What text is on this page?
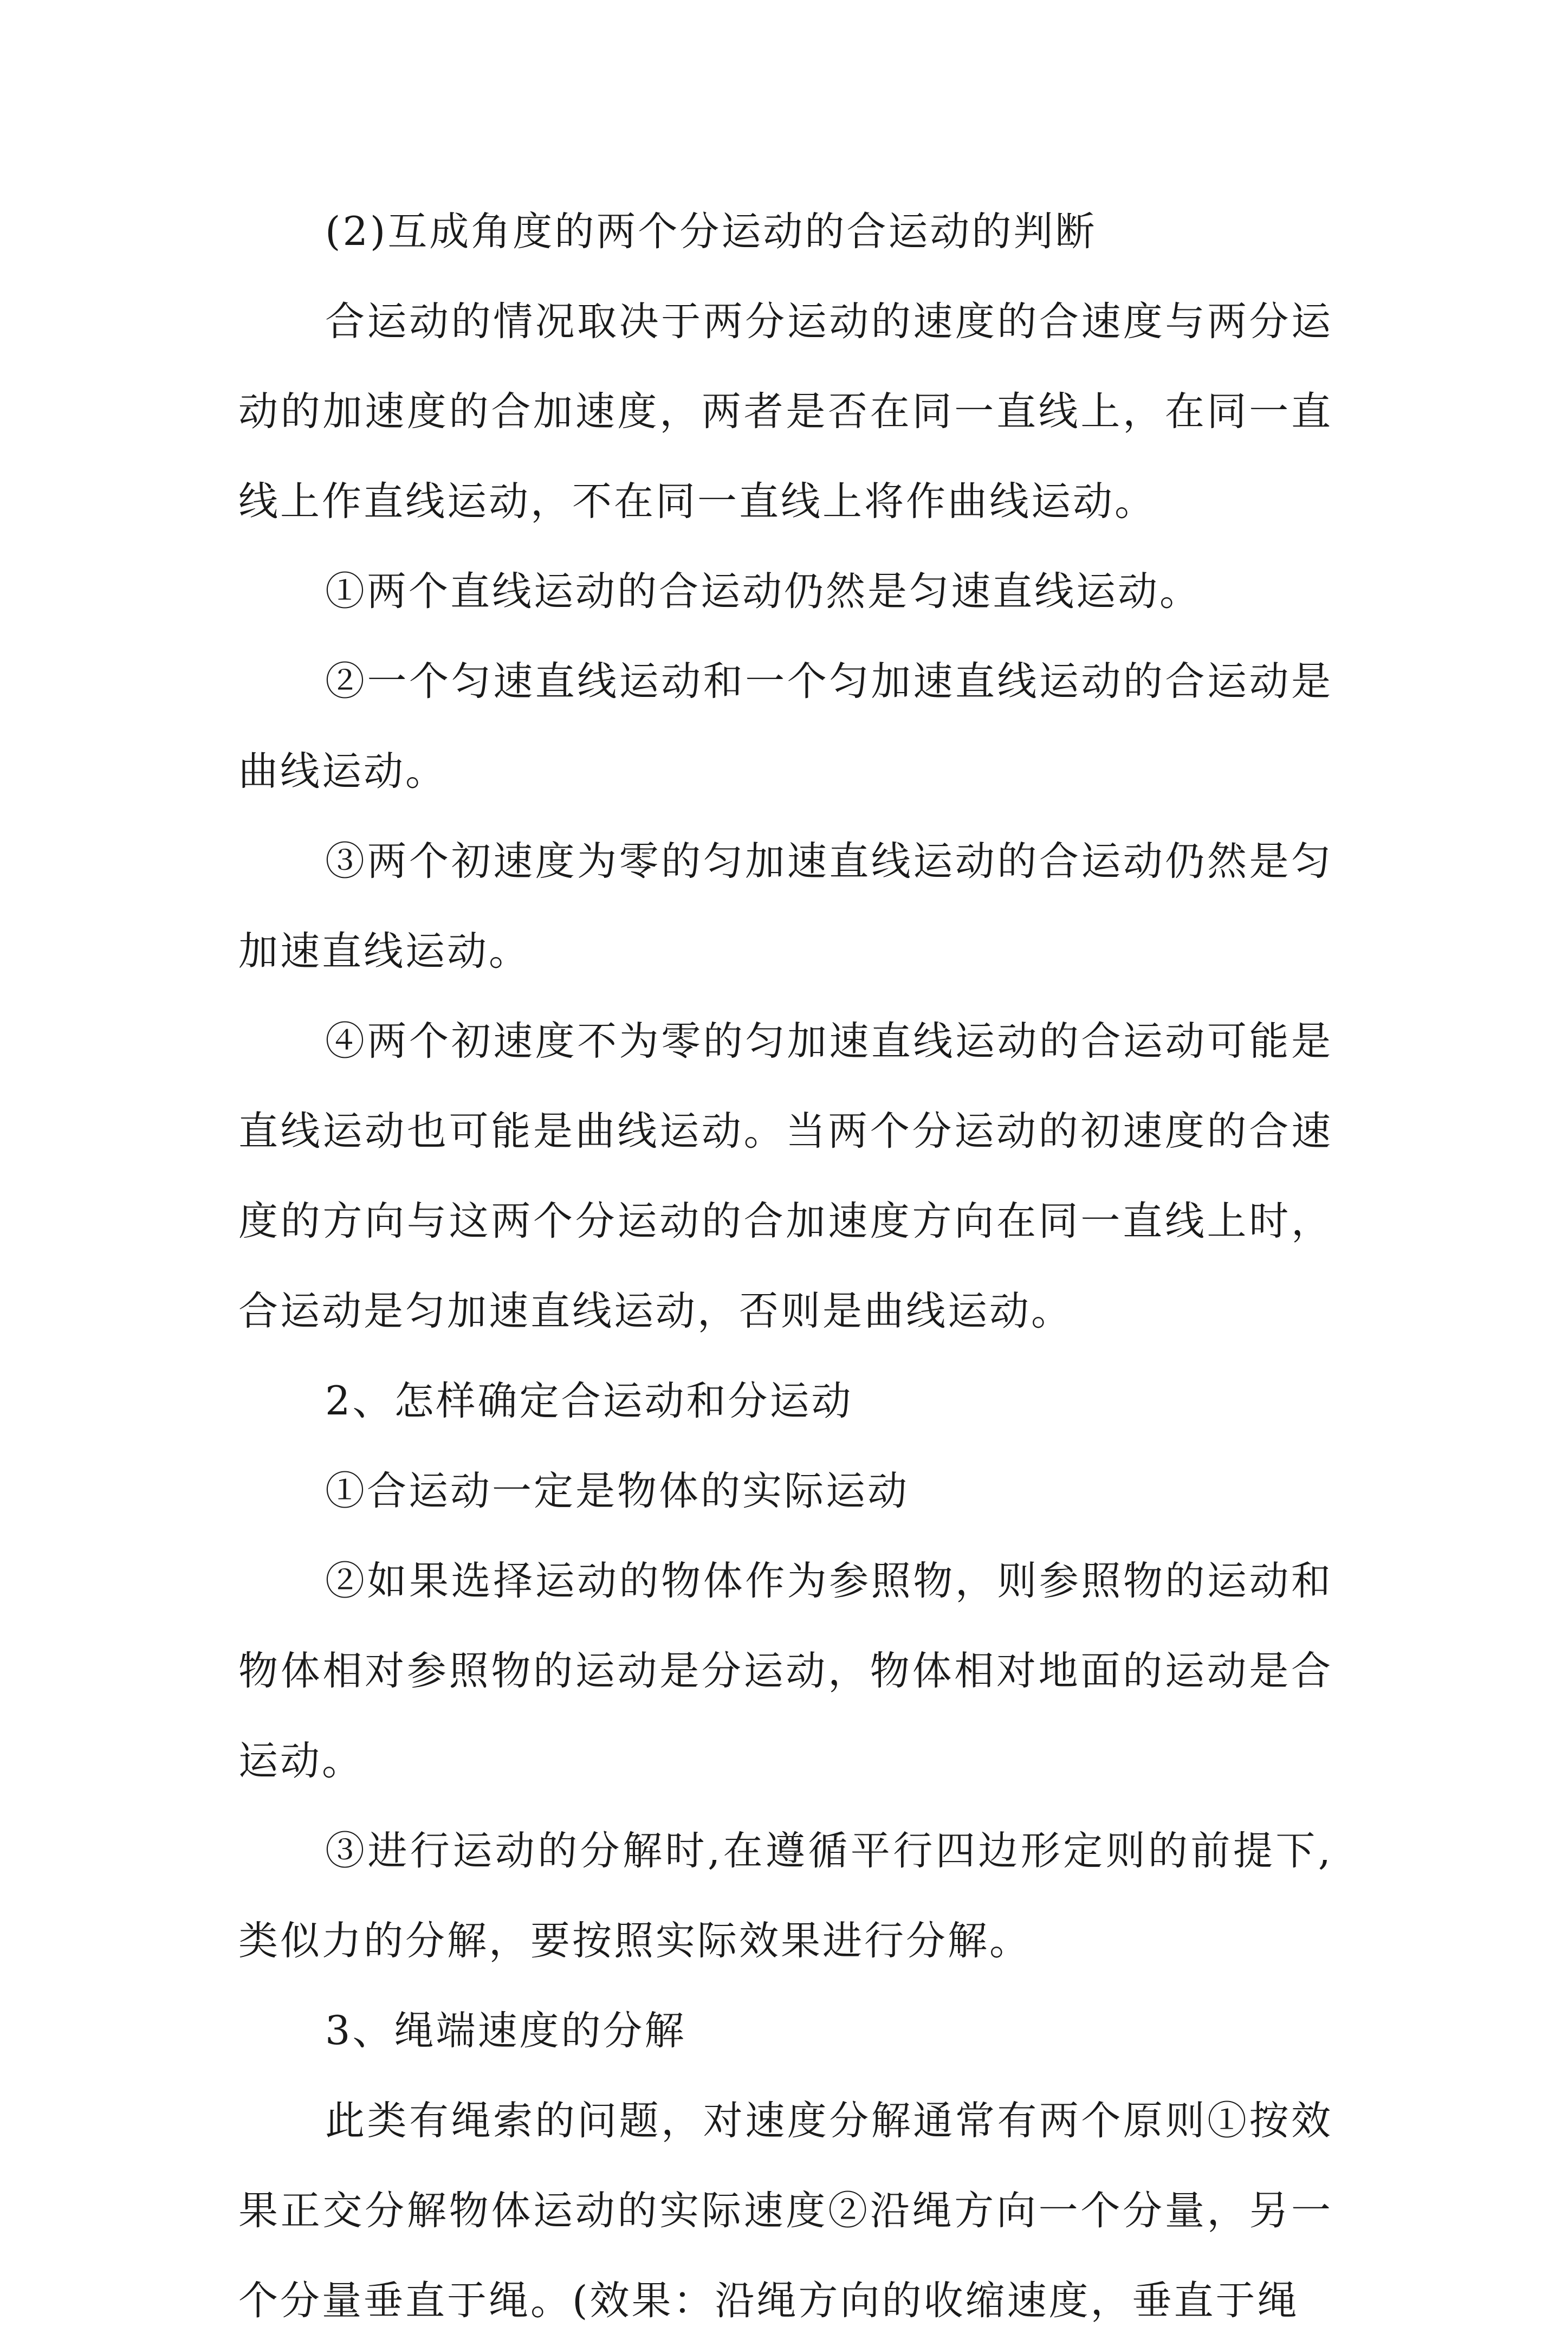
(2)互成角度的两个分运动的合运动的判断

合运动的情况取决于两分运动的速度的合速度与两分运动的加速度的合加速度，两者是否在同一直线上，在同一直线上作直线运动，不在同一直线上将作曲线运动。

①两个直线运动的合运动仍然是匀速直线运动。

②一个匀速直线运动和一个匀加速直线运动的合运动是曲线运动。

③两个初速度为零的匀加速直线运动的合运动仍然是匀加速直线运动。

④两个初速度不为零的匀加速直线运动的合运动可能是直线运动也可能是曲线运动。当两个分运动的初速度的合速度的方向与这两个分运动的合加速度方向在同一直线上时，合运动是匀加速直线运动，否则是曲线运动。

2、怎样确定合运动和分运动

①合运动一定是物体的实际运动

②如果选择运动的物体作为参照物，则参照物的运动和物体相对参照物的运动是分运动，物体相对地面的运动是合运动。

③进行运动的分解时,在遵循平行四边形定则的前提下,类似力的分解，要按照实际效果进行分解。

3、绳端速度的分解

此类有绳索的问题，对速度分解通常有两个原则①按效果正交分解物体运动的实际速度②沿绳方向一个分量，另一个分量垂直于绳。(效果：沿绳方向的收缩速度，垂直于绳
